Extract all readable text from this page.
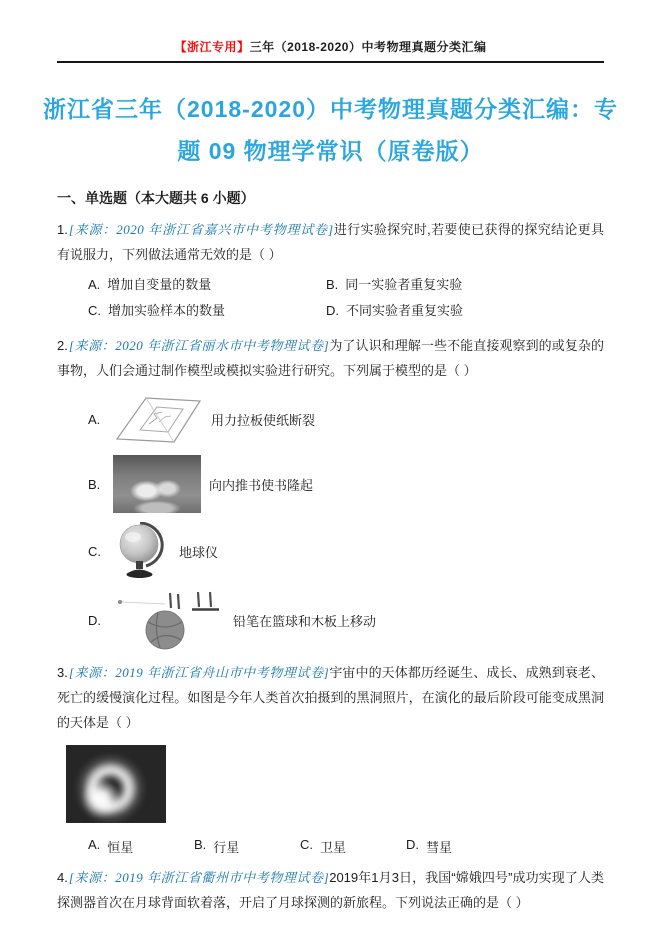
【浙江专用】三年（2018-2020）中考物理真题分类汇编
浙江省三年（2018-2020）中考物理真题分类汇编：专
题 09 物理学常识（原卷版）
一、单选题（本大题共 6 小题）

1.[来源：2020 年浙江省嘉兴市中考物理试卷]进行实验探究时,若要使已获得的探究结论更具有说服力，下列做法通常无效的是（ ）

A. 增加自变量的数量	B. 同一实验者重复实验
C. 增加实验样本的数量	D. 不同实验者重复实验

2.[来源：2020 年浙江省丽水市中考物理试卷]为了认识和理解一些不能直接观察到的或复杂的事物，人们会通过制作模型或模拟实验进行研究。下列属于模型的是（ ）

A.	用力拉板使纸断裂
B.	向内推书使书隆起
C.	地球仪
D.	铅笔在篮球和木板上移动

3.[来源：2019 年浙江省舟山市中考物理试卷]宇宙中的天体都历经诞生、成长、成熟到衰老、死亡的缓慢演化过程。如图是今年人类首次拍摄到的黑洞照片，在演化的最后阶段可能变成黑洞的天体是（ ）

A. 恒星	B. 行星	C. 卫星	D. 彗星

4.[来源：2019 年浙江省衢州市中考物理试卷]2019年1月3日，我国“嫦娥四号”成功实现了人类探测器首次在月球背面软着落，开启了月球探测的新旅程。下列说法正确的是（ ）
